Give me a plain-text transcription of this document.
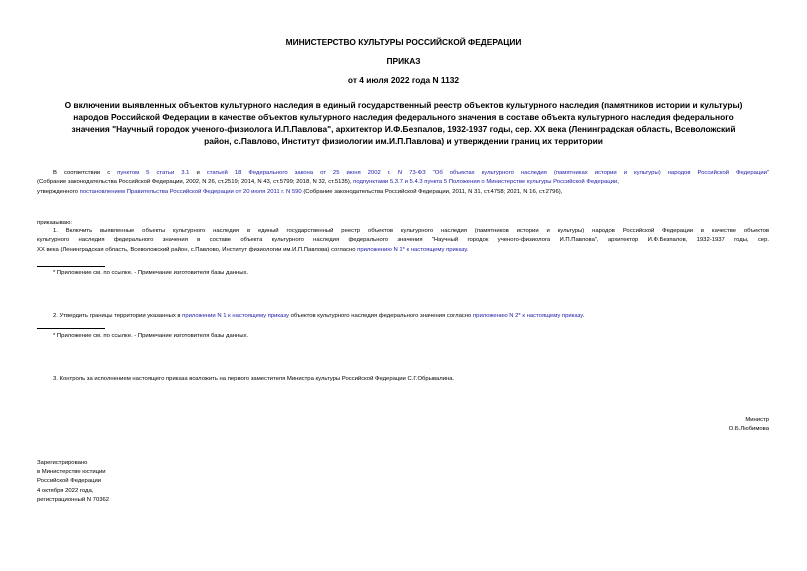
МИНИСТЕРСТВО КУЛЬТУРЫ РОССИЙСКОЙ ФЕДЕРАЦИИ
ПРИКАЗ
от 4 июля 2022 года N 1132
О включении выявленных объектов культурного наследия в единый государственный реестр объектов культурного наследия (памятников истории и культуры)
народов Российской Федерации в качестве объектов культурного наследия федерального значения в составе объекта культурного наследия федерального
значения "Научный городок ученого-физиолога И.П.Павлова", архитектор И.Ф.Безпалов, 1932-1937 годы, сер. XX века (Ленинградская область, Всеволожский
район, с.Павлово, Институт физиологии им.И.П.Павлова) и утверждении границ их территории
В соответствии с пунктом 5 статьи 3.1 и статьей 18 Федерального закона от 25 июня 2002 г. N 73-ФЗ "Об объектах культурного наследия (памятниках истории и культуры) народов Российской Федерации"
(Собрание законодательства Российской Федерации, 2002, N 26, ст.2519; 2014, N 43, ст.5799; 2018, N 32, ст.5135), подпунктами 5.3.7 и 5.4.3 пункта 5 Положения о Министерстве культуры Российской Федерации,
утвержденного постановлением Правительства Российской Федерации от 20 июля 2011 г. N 590 (Собрание законодательства Российской Федерации, 2011, N 31, ст.4758; 2021, N 16, ст.2796),
приказываю:
1. Включить выявленные объекты культурного наследия в единый государственный реестр объектов культурного наследия (памятников истории и культуры) народов Российской Федерации в качестве объектов
культурного наследия федерального значения в составе объекта культурного наследия федерального значения "Научный городок ученого-физиолога И.П.Павлова", архитектор И.Ф.Безпалов, 1932-1937 годы, сер.
XX века (Ленинградская область, Всеволожский район, с.Павлово, Институт физиологии им.И.П.Павлова) согласно приложению N 1* к настоящему приказу.
* Приложение см. по ссылке. - Примечание изготовителя базы данных.
2. Утвердить границы территории указанных в приложении N 1 к настоящему приказу объектов культурного наследия федерального значения согласно приложению N 2* к настоящему приказу.
* Приложение см. по ссылке. - Примечание изготовителя базы данных.
3. Контроль за исполнением настоящего приказа возложить на первого заместителя Министра культуры Российской Федерации С.Г.Обрывалина.
Министр
О.Б.Любимова
Зарегистрировано
в Министерстве юстиции
Российской Федерации
4 октября 2022 года,
регистрационный N 70362
